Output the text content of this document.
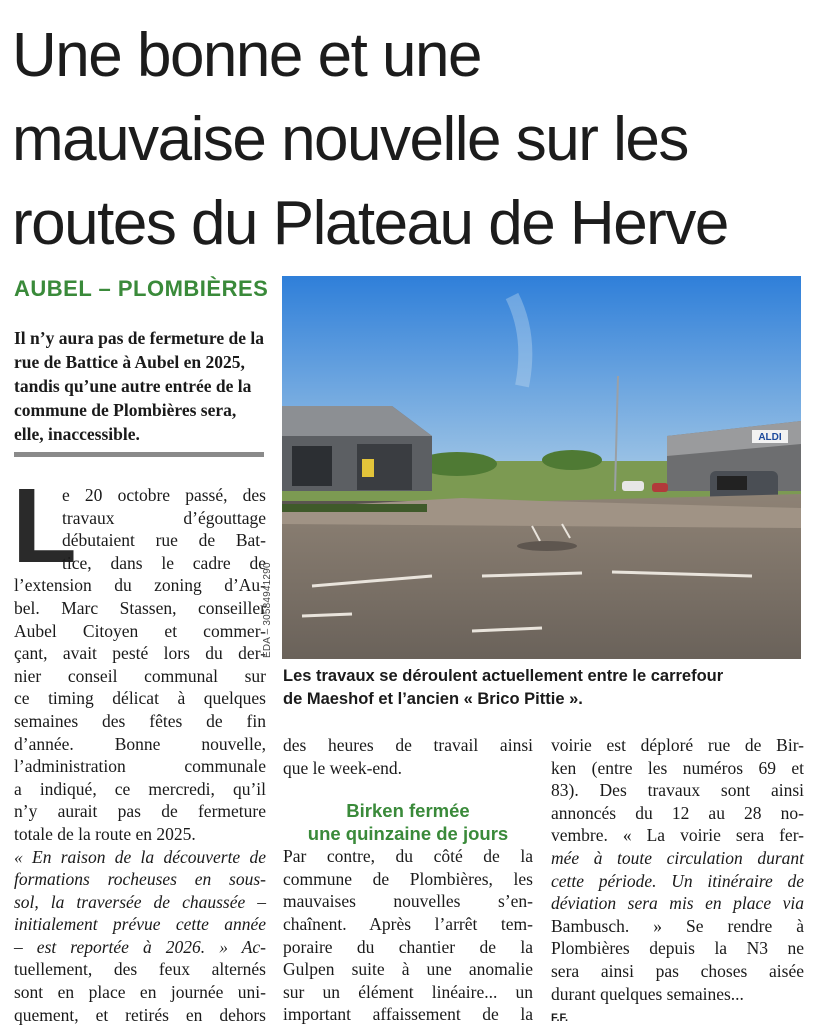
Une bonne et une
mauvaise nouvelle sur les
routes du Plateau de Herve
AUBEL – PLOMBIÈRES
Il n’y aura pas de fermeture de la
rue de Battice à Aubel en 2025,
tandis qu’une autre entrée de la
commune de Plombières sera,
elle, inaccessible.
L
e 20 octobre passé, des
travaux d’égouttage
débutaient rue de Bat-
tice, dans le cadre de
l’extension du zoning d’Au-
bel. Marc Stassen, conseiller
Aubel Citoyen et commer-
çant, avait pesté lors du der-
nier conseil communal sur
ce timing délicat à quelques
semaines des fêtes de fin
d’année. Bonne nouvelle,
l’administration communale
a indiqué, ce mercredi, qu’il
n’y aurait pas de fermeture
totale de la route en 2025.
« En raison de la découverte de
formations rocheuses en sous-
sol, la traversée de chaussée –
initialement prévue cette année
– est reportée à 2026. » Ac-
tuellement, des feux alternés
sont en place en journée uni-
quement, et retirés en dehors
ALDI
EDA – 30584941290
Les travaux se déroulent actuellement entre le carrefour
de Maeshof et l’ancien « Brico Pittie ».
des heures de travail ainsi
que le week-end.
Birken fermée
une quinzaine de jours
Par contre, du côté de la
commune de Plombières, les
mauvaises nouvelles s’en-
chaînent. Après l’arrêt tem-
poraire du chantier de la
Gulpen suite à une anomalie
sur un élément linéaire... un
important affaissement de la
voirie est déploré rue de Bir-
ken (entre les numéros 69 et
83). Des travaux sont ainsi
annoncés du 12 au 28 no-
vembre. « La voirie sera fer-
mée à toute circulation durant
cette période. Un itinéraire de
déviation sera mis en place via
Bambusch. » Se rendre à
Plombières depuis la N3 ne
sera ainsi pas choses aisée
durant quelques semaines...
F.F.
